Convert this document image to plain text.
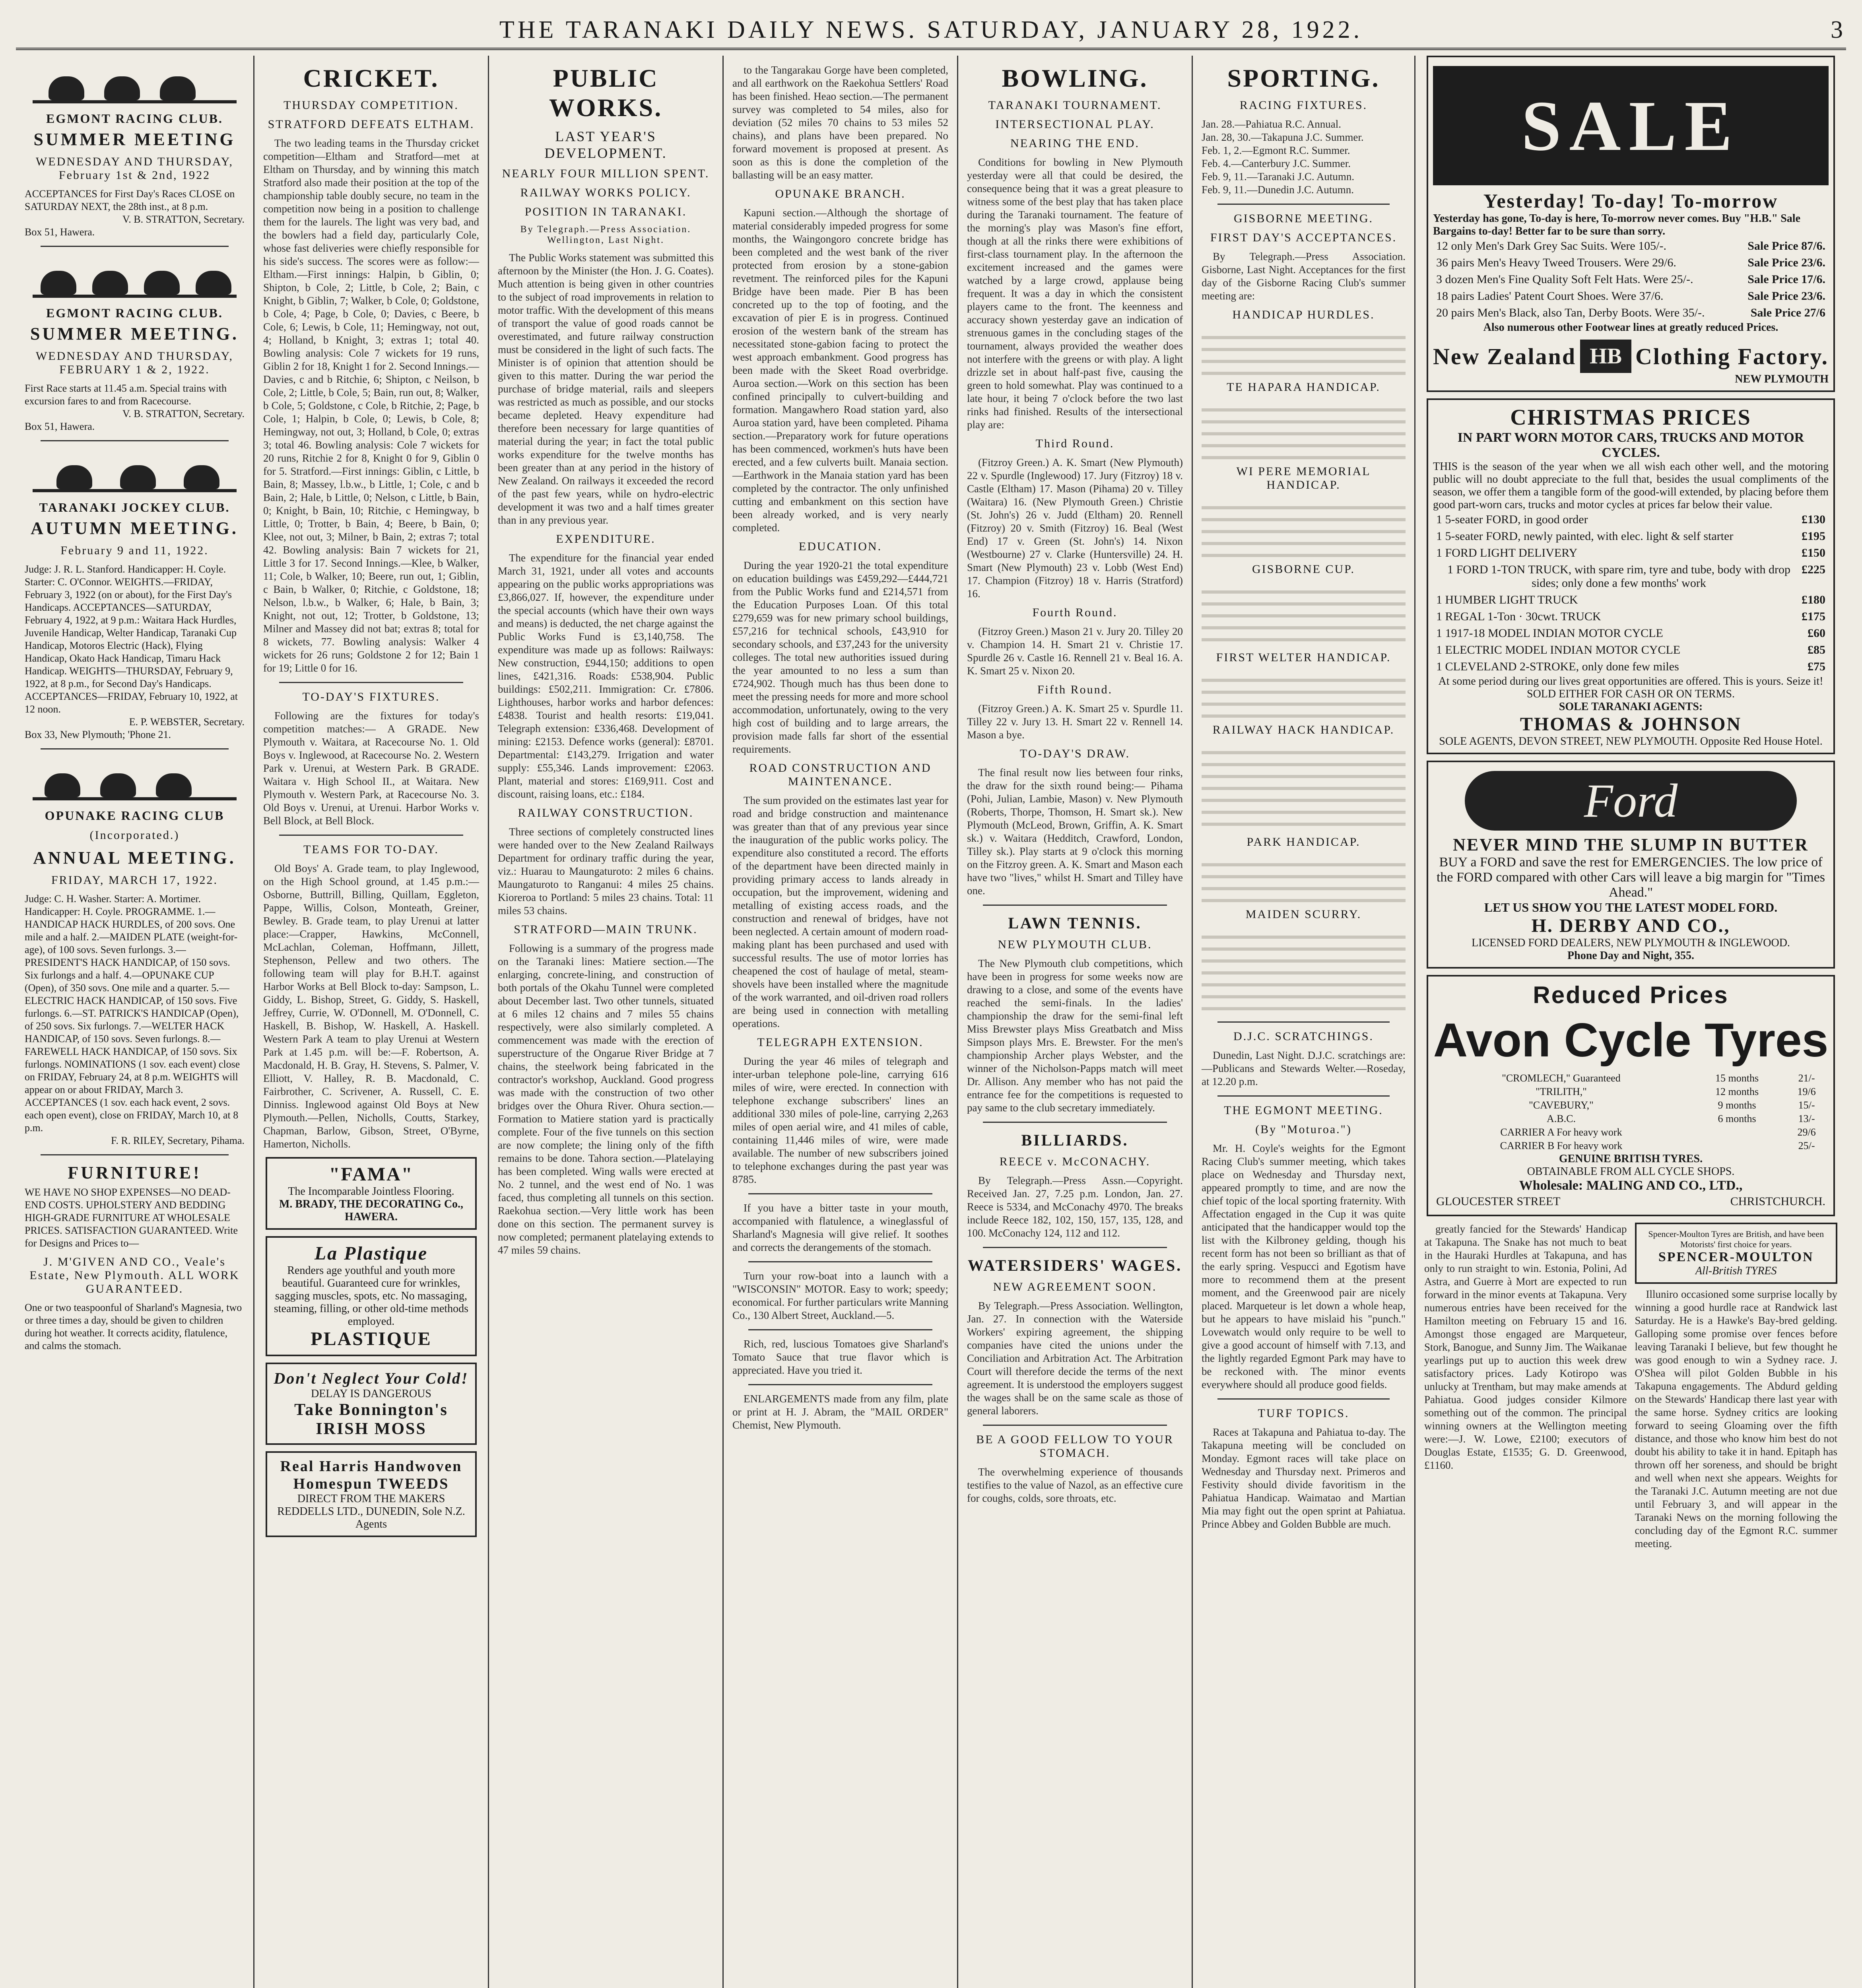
THE TARANAKI DAILY NEWS. SATURDAY, JANUARY 28, 1922.	3
EGMONT RACING CLUB.
SUMMER MEETING
WEDNESDAY AND THURSDAY, February 1st & 2nd, 1922
ACCEPTANCES for First Day's Races CLOSE on SATURDAY NEXT, the 28th inst., at 8 p.m.
V. B. STRATTON, Secretary.
Box 51, Hawera.
EGMONT RACING CLUB.
SUMMER MEETING.
WEDNESDAY AND THURSDAY, FEBRUARY 1 & 2, 1922.
First Race starts at 11.45 a.m. Special trains with excursion fares to and from Racecourse.
V. B. STRATTON, Secretary.
Box 51, Hawera.
TARANAKI JOCKEY CLUB.
AUTUMN MEETING.
February 9 and 11, 1922.
Judge: J. R. L. Stanford. Handicapper: H. Coyle. Starter: C. O'Connor. WEIGHTS.—FRIDAY, February 3, 1922 (on or about), for the First Day's Handicaps. ACCEPTANCES—SATURDAY, February 4, 1922, at 9 p.m.: Waitara Hack Hurdles, Juvenile Handicap, Welter Handicap, Taranaki Cup Handicap, Motoros Electric (Hack), Flying Handicap, Okato Hack Handicap, Timaru Hack Handicap. WEIGHTS—THURSDAY, February 9, 1922, at 8 p.m., for Second Day's Handicaps. ACCEPTANCES—FRIDAY, February 10, 1922, at 12 noon.
E. P. WEBSTER, Secretary.
Box 33, New Plymouth; 'Phone 21.
OPUNAKE RACING CLUB
(Incorporated.)
ANNUAL MEETING.
FRIDAY, MARCH 17, 1922.
Judge: C. H. Washer. Starter: A. Mortimer. Handicapper: H. Coyle. PROGRAMME. 1.—HANDICAP HACK HURDLES, of 200 sovs. One mile and a half. 2.—MAIDEN PLATE (weight-for-age), of 100 sovs. Seven furlongs. 3.—PRESIDENT'S HACK HANDICAP, of 150 sovs. Six furlongs and a half. 4.—OPUNAKE CUP (Open), of 350 sovs. One mile and a quarter. 5.—ELECTRIC HACK HANDICAP, of 150 sovs. Five furlongs. 6.—ST. PATRICK'S HANDICAP (Open), of 250 sovs. Six furlongs. 7.—WELTER HACK HANDICAP, of 150 sovs. Seven furlongs. 8.—FAREWELL HACK HANDICAP, of 150 sovs. Six furlongs. NOMINATIONS (1 sov. each event) close on FRIDAY, February 24, at 8 p.m. WEIGHTS will appear on or about FRIDAY, March 3. ACCEPTANCES (1 sov. each hack event, 2 sovs. each open event), close on FRIDAY, March 10, at 8 p.m.
F. R. RILEY, Secretary, Pihama.
FURNITURE!
WE HAVE NO SHOP EXPENSES—NO DEAD-END COSTS. UPHOLSTERY AND BEDDING HIGH-GRADE FURNITURE AT WHOLESALE PRICES. SATISFACTION GUARANTEED. Write for Designs and Prices to—
J. M'GIVEN AND CO., Veale's Estate, New Plymouth. ALL WORK GUARANTEED.
One or two teaspoonful of Sharland's Magnesia, two or three times a day, should be given to children during hot weather. It corrects acidity, flatulence, and calms the stomach.
CRICKET.
THURSDAY COMPETITION.
STRATFORD DEFEATS ELTHAM.

The two leading teams in the Thursday cricket competition—Eltham and Stratford—met at Eltham on Thursday, and by winning this match Stratford also made their position at the top of the championship table doubly secure, no team in the competition now being in a position to challenge them for the laurels. The light was very bad, and the bowlers had a field day, particularly Cole, whose fast deliveries were chiefly responsible for his side's success. The scores were as follow:— Eltham.—First innings: Halpin, b Giblin, 0; Shipton, b Cole, 2; Little, b Cole, 2; Bain, c Knight, b Giblin, 7; Walker, b Cole, 0; Goldstone, b Cole, 4; Page, b Cole, 0; Davies, c Beere, b Cole, 6; Lewis, b Cole, 11; Hemingway, not out, 4; Holland, b Knight, 3; extras 1; total 40. Bowling analysis: Cole 7 wickets for 19 runs, Giblin 2 for 18, Knight 1 for 2. Second Innings.—Davies, c and b Ritchie, 6; Shipton, c Neilson, b Cole, 2; Little, b Cole, 5; Bain, run out, 8; Walker, b Cole, 5; Goldstone, c Cole, b Ritchie, 2; Page, b Cole, 1; Halpin, b Cole, 0; Lewis, b Cole, 8; Hemingway, not out, 3; Holland, b Cole, 0; extras 3; total 46. Bowling analysis: Cole 7 wickets for 20 runs, Ritchie 2 for 8, Knight 0 for 9, Giblin 0 for 5. Stratford.—First innings: Giblin, c Little, b Bain, 8; Massey, l.b.w., b Little, 1; Cole, c and b Bain, 2; Hale, b Little, 0; Nelson, c Little, b Bain, 0; Knight, b Bain, 10; Ritchie, c Hemingway, b Little, 0; Trotter, b Bain, 4; Beere, b Bain, 0; Klee, not out, 3; Milner, b Bain, 2; extras 7; total 42. Bowling analysis: Bain 7 wickets for 21, Little 3 for 17. Second Innings.—Klee, b Walker, 11; Cole, b Walker, 10; Beere, run out, 1; Giblin, c Bain, b Walker, 0; Ritchie, c Goldstone, 18; Nelson, l.b.w., b Walker, 6; Hale, b Bain, 3; Knight, not out, 12; Trotter, b Goldstone, 13; Milner and Massey did not bat; extras 8; total for 8 wickets, 77. Bowling analysis: Walker 4 wickets for 26 runs; Goldstone 2 for 12; Bain 1 for 19; Little 0 for 16.

TO-DAY'S FIXTURES.

Following are the fixtures for today's competition matches:— A GRADE. New Plymouth v. Waitara, at Racecourse No. 1. Old Boys v. Inglewood, at Racecourse No. 2. Western Park v. Urenui, at Western Park. B GRADE. Waitara v. High School II., at Waitara. New Plymouth v. Western Park, at Racecourse No. 3. Old Boys v. Urenui, at Urenui. Harbor Works v. Bell Block, at Bell Block.

TEAMS FOR TO-DAY.

Old Boys' A. Grade team, to play Inglewood, on the High School ground, at 1.45 p.m.:—Osborne, Buttrill, Billing, Quillam, Eggleton, Pappe, Willis, Colson, Monteath, Greiner, Bewley. B. Grade team, to play Urenui at latter place:—Crapper, Hawkins, McConnell, McLachlan, Coleman, Hoffmann, Jillett, Stephenson, Pellew and two others. The following team will play for B.H.T. against Harbor Works at Bell Block to-day: Sampson, L. Giddy, L. Bishop, Street, G. Giddy, S. Haskell, Jeffrey, Currie, W. O'Donnell, M. O'Donnell, C. Haskell, B. Bishop, W. Haskell, A. Haskell. Western Park A team to play Urenui at Western Park at 1.45 p.m. will be:—F. Robertson, A. Macdonald, H. B. Gray, H. Stevens, S. Palmer, V. Elliott, V. Halley, R. B. Macdonald, C. Fairbrother, C. Scrivener, A. Russell, C. E. Dinniss. Inglewood against Old Boys at New Plymouth.—Pellen, Nicholls, Coutts, Starkey, Chapman, Barlow, Gibson, Street, O'Byrne, Hamerton, Nicholls.

"FAMA"
The Incomparable Jointless Flooring.
M. BRADY, THE DECORATING Co., HAWERA.
La Plastique
Renders age youthful and youth more beautiful. Guaranteed cure for wrinkles, sagging muscles, spots, etc. No massaging, steaming, filling, or other old-time methods employed.
PLASTIQUE
Don't Neglect Your Cold!
DELAY IS DANGEROUS
Take Bonnington's IRISH MOSS
Real Harris Handwoven Homespun TWEEDS
DIRECT FROM THE MAKERS
REDDELLS LTD., DUNEDIN, Sole N.Z. Agents
PUBLIC WORKS.
LAST YEAR'S DEVELOPMENT.
NEARLY FOUR MILLION SPENT.
RAILWAY WORKS POLICY.
POSITION IN TARANAKI.
By Telegraph.—Press Association. Wellington, Last Night.

The Public Works statement was submitted this afternoon by the Minister (the Hon. J. G. Coates). Much attention is being given in other countries to the subject of road improvements in relation to motor traffic. With the development of this means of transport the value of good roads cannot be overestimated, and future railway construction must be considered in the light of such facts. The Minister is of opinion that attention should be given to this matter. During the war period the purchase of bridge material, rails and sleepers was restricted as much as possible, and our stocks became depleted. Heavy expenditure had therefore been necessary for large quantities of material during the year; in fact the total public works expenditure for the twelve months has been greater than at any period in the history of New Zealand. On railways it exceeded the record of the past few years, while on hydro-electric development it was two and a half times greater than in any previous year.

EXPENDITURE.

The expenditure for the financial year ended March 31, 1921, under all votes and accounts appearing on the public works appropriations was £3,866,027. If, however, the expenditure under the special accounts (which have their own ways and means) is deducted, the net charge against the Public Works Fund is £3,140,758. The expenditure was made up as follows: Railways: New construction, £944,150; additions to open lines, £421,316. Roads: £538,904. Public buildings: £502,211. Immigration: Cr. £7806. Lighthouses, harbor works and harbor defences: £4838. Tourist and health resorts: £19,041. Telegraph extension: £336,468. Development of mining: £2153. Defence works (general): £8701. Departmental: £143,279. Irrigation and water supply: £55,346. Lands improvement: £2063. Plant, material and stores: £169,911. Cost and discount, raising loans, etc.: £184.

RAILWAY CONSTRUCTION.

Three sections of completely constructed lines were handed over to the New Zealand Railways Department for ordinary traffic during the year, viz.: Huarau to Maungaturoto: 2 miles 6 chains. Maungaturoto to Ranganui: 4 miles 25 chains. Kioreroa to Portland: 5 miles 23 chains. Total: 11 miles 53 chains.

STRATFORD—MAIN TRUNK.

Following is a summary of the progress made on the Taranaki lines: Matiere section.—The enlarging, concrete-lining, and construction of both portals of the Okahu Tunnel were completed about December last. Two other tunnels, situated at 6 miles 12 chains and 7 miles 55 chains respectively, were also similarly completed. A commencement was made with the erection of superstructure of the Ongarue River Bridge at 7 chains, the steelwork being fabricated in the contractor's workshop, Auckland. Good progress was made with the construction of two other bridges over the Ohura River. Ohura section.—Formation to Matiere station yard is practically complete. Four of the five tunnels on this section are now complete; the lining only of the fifth remains to be done. Tahora section.—Platelaying has been completed. Wing walls were erected at No. 2 tunnel, and the west end of No. 1 was faced, thus completing all tunnels on this section. Raekohua section.—Very little work has been done on this section. The permanent survey is now completed; permanent platelaying extends to 47 miles 59 chains.

to the Tangarakau Gorge have been completed, and all earthwork on the Raekohua Settlers' Road has been finished. Heao section.—The permanent survey was completed to 54 miles, also for deviation (52 miles 70 chains to 53 miles 52 chains), and plans have been prepared. No forward movement is proposed at present. As soon as this is done the completion of the ballasting will be an easy matter.

OPUNAKE BRANCH.

Kapuni section.—Although the shortage of material considerably impeded progress for some months, the Waingongoro concrete bridge has been completed and the west bank of the river protected from erosion by a stone-gabion revetment. The reinforced piles for the Kapuni Bridge have been made. Pier B has been concreted up to the top of footing, and the excavation of pier E is in progress. Continued erosion of the western bank of the stream has necessitated stone-gabion facing to protect the west approach embankment. Good progress has been made with the Skeet Road overbridge. Auroa section.—Work on this section has been confined principally to culvert-building and formation. Mangawhero Road station yard, also Auroa station yard, have been completed. Pihama section.—Preparatory work for future operations has been commenced, workmen's huts have been erected, and a few culverts built. Manaia section.—Earthwork in the Manaia station yard has been completed by the contractor. The only unfinished cutting and embankment on this section have been already worked, and is very nearly completed.

EDUCATION.

During the year 1920-21 the total expenditure on education buildings was £459,292—£444,721 from the Public Works fund and £214,571 from the Education Purposes Loan. Of this total £279,659 was for new primary school buildings, £57,216 for technical schools, £43,910 for secondary schools, and £37,243 for the university colleges. The total new authorities issued during the year amounted to no less a sum than £724,902. Though much has thus been done to meet the pressing needs for more and more school accommodation, unfortunately, owing to the very high cost of building and to large arrears, the provision made falls far short of the essential requirements.

ROAD CONSTRUCTION AND MAINTENANCE.

The sum provided on the estimates last year for road and bridge construction and maintenance was greater than that of any previous year since the inauguration of the public works policy. The expenditure also constituted a record. The efforts of the department have been directed mainly in providing primary access to lands already in occupation, but the improvement, widening and metalling of existing access roads, and the construction and renewal of bridges, have not been neglected. A certain amount of modern road-making plant has been purchased and used with successful results. The use of motor lorries has cheapened the cost of haulage of metal, steam-shovels have been installed where the magnitude of the work warranted, and oil-driven road rollers are being used in connection with metalling operations.

TELEGRAPH EXTENSION.

During the year 46 miles of telegraph and inter-urban telephone pole-line, carrying 616 miles of wire, were erected. In connection with telephone exchange subscribers' lines an additional 330 miles of pole-line, carrying 2,263 miles of open aerial wire, and 41 miles of cable, containing 11,446 miles of wire, were made available. The number of new subscribers joined to telephone exchanges during the past year was 8785.

If you have a bitter taste in your mouth, accompanied with flatulence, a wineglassful of Sharland's Magnesia will give relief. It soothes and corrects the derangements of the stomach.

Turn your row-boat into a launch with a "WISCONSIN" MOTOR. Easy to work; speedy; economical. For further particulars write Manning Co., 130 Albert Street, Auckland.—5.

Rich, red, luscious Tomatoes give Sharland's Tomato Sauce that true flavor which is appreciated. Have you tried it.

ENLARGEMENTS made from any film, plate or print at H. J. Abram, the "MAIL ORDER" Chemist, New Plymouth.

BOWLING.
TARANAKI TOURNAMENT.
INTERSECTIONAL PLAY.
NEARING THE END.

Conditions for bowling in New Plymouth yesterday were all that could be desired, the consequence being that it was a great pleasure to witness some of the best play that has taken place during the Taranaki tournament. The feature of the morning's play was Mason's fine effort, though at all the rinks there were exhibitions of first-class tournament play. In the afternoon the excitement increased and the games were watched by a large crowd, applause being frequent. It was a day in which the consistent players came to the front. The keenness and accuracy shown yesterday gave an indication of strenuous games in the concluding stages of the tournament, always provided the weather does not interfere with the greens or with play. A light drizzle set in about half-past five, causing the green to hold somewhat. Play was continued to a late hour, it being 7 o'clock before the two last rinks had finished. Results of the intersectional play are:

Third Round.

(Fitzroy Green.) A. K. Smart (New Plymouth) 22 v. Spurdle (Inglewood) 17. Jury (Fitzroy) 18 v. Castle (Eltham) 17. Mason (Pihama) 20 v. Tilley (Waitara) 16. (New Plymouth Green.) Christie (St. John's) 26 v. Judd (Eltham) 20. Rennell (Fitzroy) 20 v. Smith (Fitzroy) 16. Beal (West End) 17 v. Green (St. John's) 14. Nixon (Westbourne) 27 v. Clarke (Huntersville) 24. H. Smart (New Plymouth) 23 v. Lobb (West End) 17. Champion (Fitzroy) 18 v. Harris (Stratford) 16.

Fourth Round.

(Fitzroy Green.) Mason 21 v. Jury 20. Tilley 20 v. Champion 14. H. Smart 21 v. Christie 17. Spurdle 26 v. Castle 16. Rennell 21 v. Beal 16. A. K. Smart 25 v. Nixon 20.

Fifth Round.

(Fitzroy Green.) A. K. Smart 25 v. Spurdle 11. Tilley 22 v. Jury 13. H. Smart 22 v. Rennell 14. Mason a bye.

TO-DAY'S DRAW.

The final result now lies between four rinks, the draw for the sixth round being:— Pihama (Pohi, Julian, Lambie, Mason) v. New Plymouth (Roberts, Thorpe, Thomson, H. Smart sk.). New Plymouth (McLeod, Brown, Griffin, A. K. Smart sk.) v. Waitara (Hedditch, Crawford, London, Tilley sk.). Play starts at 9 o'clock this morning on the Fitzroy green. A. K. Smart and Mason each have two "lives," whilst H. Smart and Tilley have one.

LAWN TENNIS.
NEW PLYMOUTH CLUB.

The New Plymouth club competitions, which have been in progress for some weeks now are drawing to a close, and some of the events have reached the semi-finals. In the ladies' championship the draw for the semi-final left Miss Brewster plays Miss Greatbatch and Miss Simpson plays Mrs. E. Brewster. For the men's championship Archer plays Webster, and the winner of the Nicholson-Papps match will meet Dr. Allison. Any member who has not paid the entrance fee for the competitions is requested to pay same to the club secretary immediately.

BILLIARDS.
REECE v. McCONACHY.

By Telegraph.—Press Assn.—Copyright. Received Jan. 27, 7.25 p.m. London, Jan. 27. Reece is 5334, and McConachy 4970. The breaks include Reece 182, 102, 150, 157, 135, 128, and 100. McConachy 124, 112 and 112.

WATERSIDERS' WAGES.
NEW AGREEMENT SOON.

By Telegraph.—Press Association. Wellington, Jan. 27. In connection with the Waterside Workers' expiring agreement, the shipping companies have cited the unions under the Conciliation and Arbitration Act. The Arbitration Court will therefore decide the terms of the next agreement. It is understood the employers suggest the wages shall be on the same scale as those of general laborers.

BE A GOOD FELLOW TO YOUR STOMACH.

The overwhelming experience of thousands testifies to the value of Nazol, as an effective cure for coughs, colds, sore throats, etc.

SPORTING.
RACING FIXTURES.
Jan. 28.—Pahiatua R.C. Annual.
Jan. 28, 30.—Takapuna J.C. Summer.
Feb. 1, 2.—Egmont R.C. Summer.
Feb. 4.—Canterbury J.C. Summer.
Feb. 9, 11.—Taranaki J.C. Autumn.
Feb. 9, 11.—Dunedin J.C. Autumn.
GISBORNE MEETING.
FIRST DAY'S ACCEPTANCES.

By Telegraph.—Press Association. Gisborne, Last Night. Acceptances for the first day of the Gisborne Racing Club's summer meeting are:

HANDICAP HURDLES.
TE HAPARA HANDICAP.
WI PERE MEMORIAL HANDICAP.
GISBORNE CUP.
FIRST WELTER HANDICAP.
RAILWAY HACK HANDICAP.
PARK HANDICAP.
MAIDEN SCURRY.
D.J.C. SCRATCHINGS.

Dunedin, Last Night. D.J.C. scratchings are:—Publicans and Stewards Welter.—Roseday, at 12.20 p.m.

THE EGMONT MEETING.
(By "Moturoa.")

Mr. H. Coyle's weights for the Egmont Racing Club's summer meeting, which takes place on Wednesday and Thursday next, appeared promptly to time, and are now the chief topic of the local sporting fraternity. With Affectation engaged in the Cup it was quite anticipated that the handicapper would top the list with the Kilbroney gelding, though his recent form has not been so brilliant as that of the early spring. Vespucci and Egotism have more to recommend them at the present moment, and the Greenwood pair are nicely placed. Marqueteur is let down a whole heap, but he appears to have mislaid his "punch." Lovewatch would only require to be well to give a good account of himself with 7.13, and the lightly regarded Egmont Park may have to be reckoned with. The minor events everywhere should all produce good fields.

TURF TOPICS.

Races at Takapuna and Pahiatua to-day. The Takapuna meeting will be concluded on Monday. Egmont races will take place on Wednesday and Thursday next. Primeros and Festivity should divide favoritism in the Pahiatua Handicap. Waimatao and Martian Mia may fight out the open sprint at Pahiatua. Prince Abbey and Golden Bubble are much.

SALE
Yesterday! To-day! To-morrow
Yesterday has gone, To-day is here, To-morrow never comes. Buy "H.B." Sale Bargains to-day! Better far to be sure than sorry.
12 only Men's Dark Grey Sac Suits. Were 105/-.	Sale Price 87/6.
36 pairs Men's Heavy Tweed Trousers. Were 29/6.	Sale Price 23/6.
3 dozen Men's Fine Quality Soft Felt Hats. Were 25/-.	Sale Price 17/6.
18 pairs Ladies' Patent Court Shoes. Were 37/6.	Sale Price 23/6.
20 pairs Men's Black, also Tan, Derby Boots. Were 35/-.	Sale Price 27/6
Also numerous other Footwear lines at greatly reduced Prices.
New Zealand HB Clothing Factory.
NEW PLYMOUTH
CHRISTMAS PRICES
IN PART WORN MOTOR CARS, TRUCKS AND MOTOR CYCLES.
THIS is the season of the year when we all wish each other well, and the motoring public will no doubt appreciate to the full that, besides the usual compliments of the season, we offer them a tangible form of the good-will extended, by placing before them good part-worn cars, trucks and motor cycles at prices far below their value.
1 5-seater FORD, in good order	£130
1 5-seater FORD, newly painted, with elec. light & self starter	£195
1 FORD LIGHT DELIVERY	£150
1 FORD 1-TON TRUCK, with spare rim, tyre and tube, body with drop sides; only done a few months' work
£225
1 HUMBER LIGHT TRUCK	£180
1 REGAL 1-Ton · 30cwt. TRUCK	£175
1 1917-18 MODEL INDIAN MOTOR CYCLE	£60
1 ELECTRIC MODEL INDIAN MOTOR CYCLE	£85
1 CLEVELAND 2-STROKE, only done few miles	£75
At some period during our lives great opportunities are offered. This is yours. Seize it! SOLD EITHER FOR CASH OR ON TERMS.
SOLE TARANAKI AGENTS:
THOMAS & JOHNSON
SOLE AGENTS, DEVON STREET, NEW PLYMOUTH. Opposite Red House Hotel.
Ford
NEVER MIND THE SLUMP IN BUTTER
BUY a FORD and save the rest for EMERGENCIES. The low price of the FORD compared with other Cars will leave a big margin for "Times Ahead."
LET US SHOW YOU THE LATEST MODEL FORD.
H. DERBY AND CO.,
LICENSED FORD DEALERS, NEW PLYMOUTH & INGLEWOOD.
Phone Day and Night, 355.
Reduced Prices
Avon Cycle Tyres
"CROMLECH," Guaranteed	15 months	21/-
"TRILITH,"	12 months	19/6
"CAVEBURY,"	9 months	15/-
A.B.C.	6 months	13/-
CARRIER A For heavy work		29/6
CARRIER B For heavy work		25/-
GENUINE BRITISH TYRES.
OBTAINABLE FROM ALL CYCLE SHOPS.
Wholesale: MALING AND CO., LTD.,
GLOUCESTER STREET	CHRISTCHURCH.

greatly fancied for the Stewards' Handicap at Takapuna. The Snake has not much to beat in the Hauraki Hurdles at Takapuna, and has only to run straight to win. Estonia, Polini, Ad Astra, and Guerre à Mort are expected to run forward in the minor events at Takapuna. Very numerous entries have been received for the Hamilton meeting on February 15 and 16. Amongst those engaged are Marqueteur, Stork, Banogue, and Sunny Jim. The Waikanae yearlings put up to auction this week drew satisfactory prices. Lady Kotiropo was unlucky at Trentham, but may make amends at Pahiatua. Good judges consider Kilmore something out of the common. The principal winning owners at the Wellington meeting were:—J. W. Lowe, £2100; executors of Douglas Estate, £1535; G. D. Greenwood, £1160.

Spencer-Moulton Tyres are British, and have been Motorists' first choice for years.
SPENCER-MOULTON
All-British TYRES

Illuniro occasioned some surprise locally by winning a good hurdle race at Randwick last Saturday. He is a Hawke's Bay-bred gelding. Galloping some promise over fences before leaving Taranaki I believe, but few thought he was good enough to win a Sydney race. J. O'Shea will pilot Golden Bubble in his Takapuna engagements. The Abdurd gelding on the Stewards' Handicap there last year with the same horse. Sydney critics are looking forward to seeing Gloaming over the fifth distance, and those who know him best do not doubt his ability to take it in hand. Epitaph has thrown off her soreness, and should be bright and well when next she appears. Weights for the Taranaki J.C. Autumn meeting are not due until February 3, and will appear in the Taranaki News on the morning following the concluding day of the Egmont R.C. summer meeting.
